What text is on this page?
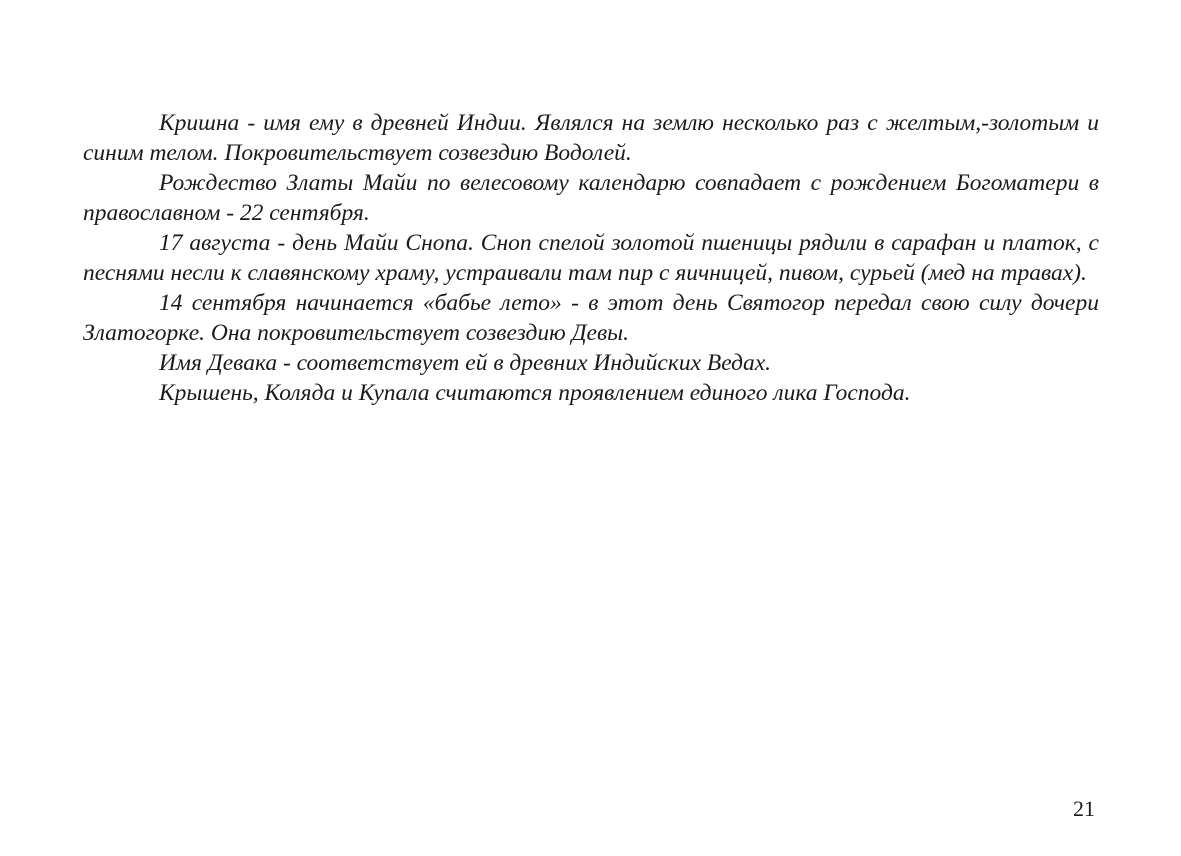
Кришна - имя ему в древней Индии. Являлся на землю несколько раз с желтым,-золотым и синим телом. Покровительствует созвездию Водолей.

Рождество Златы Майи по велесовому календарю совпадает с рождением Богоматери в православном - 22 сентября.

17 августа - день Майи Снопа. Сноп спелой золотой пшеницы рядили в сарафан и платок, с песнями несли к славянскому храму, устраивали там пир с яичницей, пивом, сурьей (мед на травах).

14 сентября начинается «бабье лето» - в этот день Святогор передал свою силу дочери Златогорке. Она покровительствует созвездию Девы.

Имя Девака - соответствует ей в древних Индийских Ведах.

Крышень, Коляда и Купала считаются проявлением единого лика Господа.

21
